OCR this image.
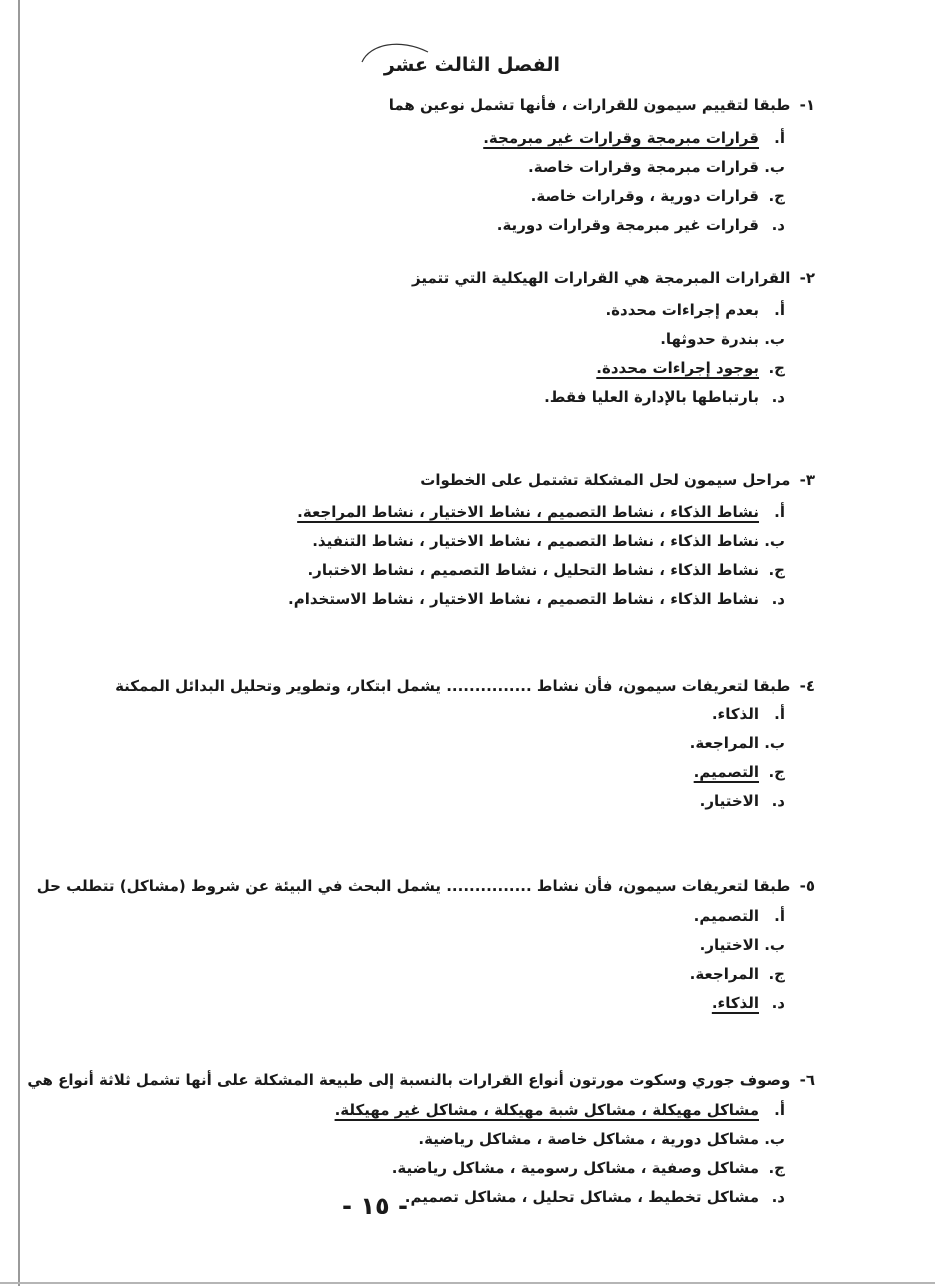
الفصل الثالث عشر
١- طبقا لتقييم سيمون للقرارات ، فأنها تشمل نوعين هما
أ.قرارات مبرمجة وقرارات غير مبرمجة.
ب.قرارات مبرمجة وقرارات خاصة.
ج.قرارات دورية ، وقرارات خاصة.
د.قرارات غير مبرمجة وقرارات دورية.
٢- القرارات المبرمجة هي القرارات الهيكلية التي تتميز
أ.بعدم إجراءات محددة.
ب.بندرة حدوثها.
ج.بوجود إجراءات محددة.
د.بارتباطها بالإدارة العليا فقط.
٣- مراحل سيمون لحل المشكلة تشتمل على الخطوات
أ.نشاط الذكاء ، نشاط التصميم ، نشاط الاختيار ، نشاط المراجعة.
ب.نشاط الذكاء ، نشاط التصميم ، نشاط الاختيار ، نشاط التنفيذ.
ج.نشاط الذكاء ، نشاط التحليل ، نشاط التصميم ، نشاط الاختبار.
د.نشاط الذكاء ، نشاط التصميم ، نشاط الاختيار ، نشاط الاستخدام.
٤- طبقا لتعريفات سيمون، فأن نشاط ............... يشمل ابتكار، وتطوير وتحليل البدائل الممكنة
أ.الذكاء.
ب.المراجعة.
ج.التصميم.
د.الاختيار.
٥- طبقا لتعريفات سيمون، فأن نشاط ............... يشمل البحث في البيئة عن شروط (مشاكل) تتطلب حل
أ.التصميم.
ب.الاختيار.
ج.المراجعة.
د.الذكاء.
٦- وصوف جوري وسكوت مورتون أنواع القرارات بالنسبة إلى طبيعة المشكلة على أنها تشمل ثلاثة أنواع هي
أ.مشاكل مهيكلة ، مشاكل شبة مهيكلة ، مشاكل غير مهيكلة.
ب.مشاكل دورية ، مشاكل خاصة ، مشاكل رياضية.
ج.مشاكل وصفية ، مشاكل رسومية ، مشاكل رياضية.
د.مشاكل تخطيط ، مشاكل تحليل ، مشاكل تصميم.
- ١٥ -
